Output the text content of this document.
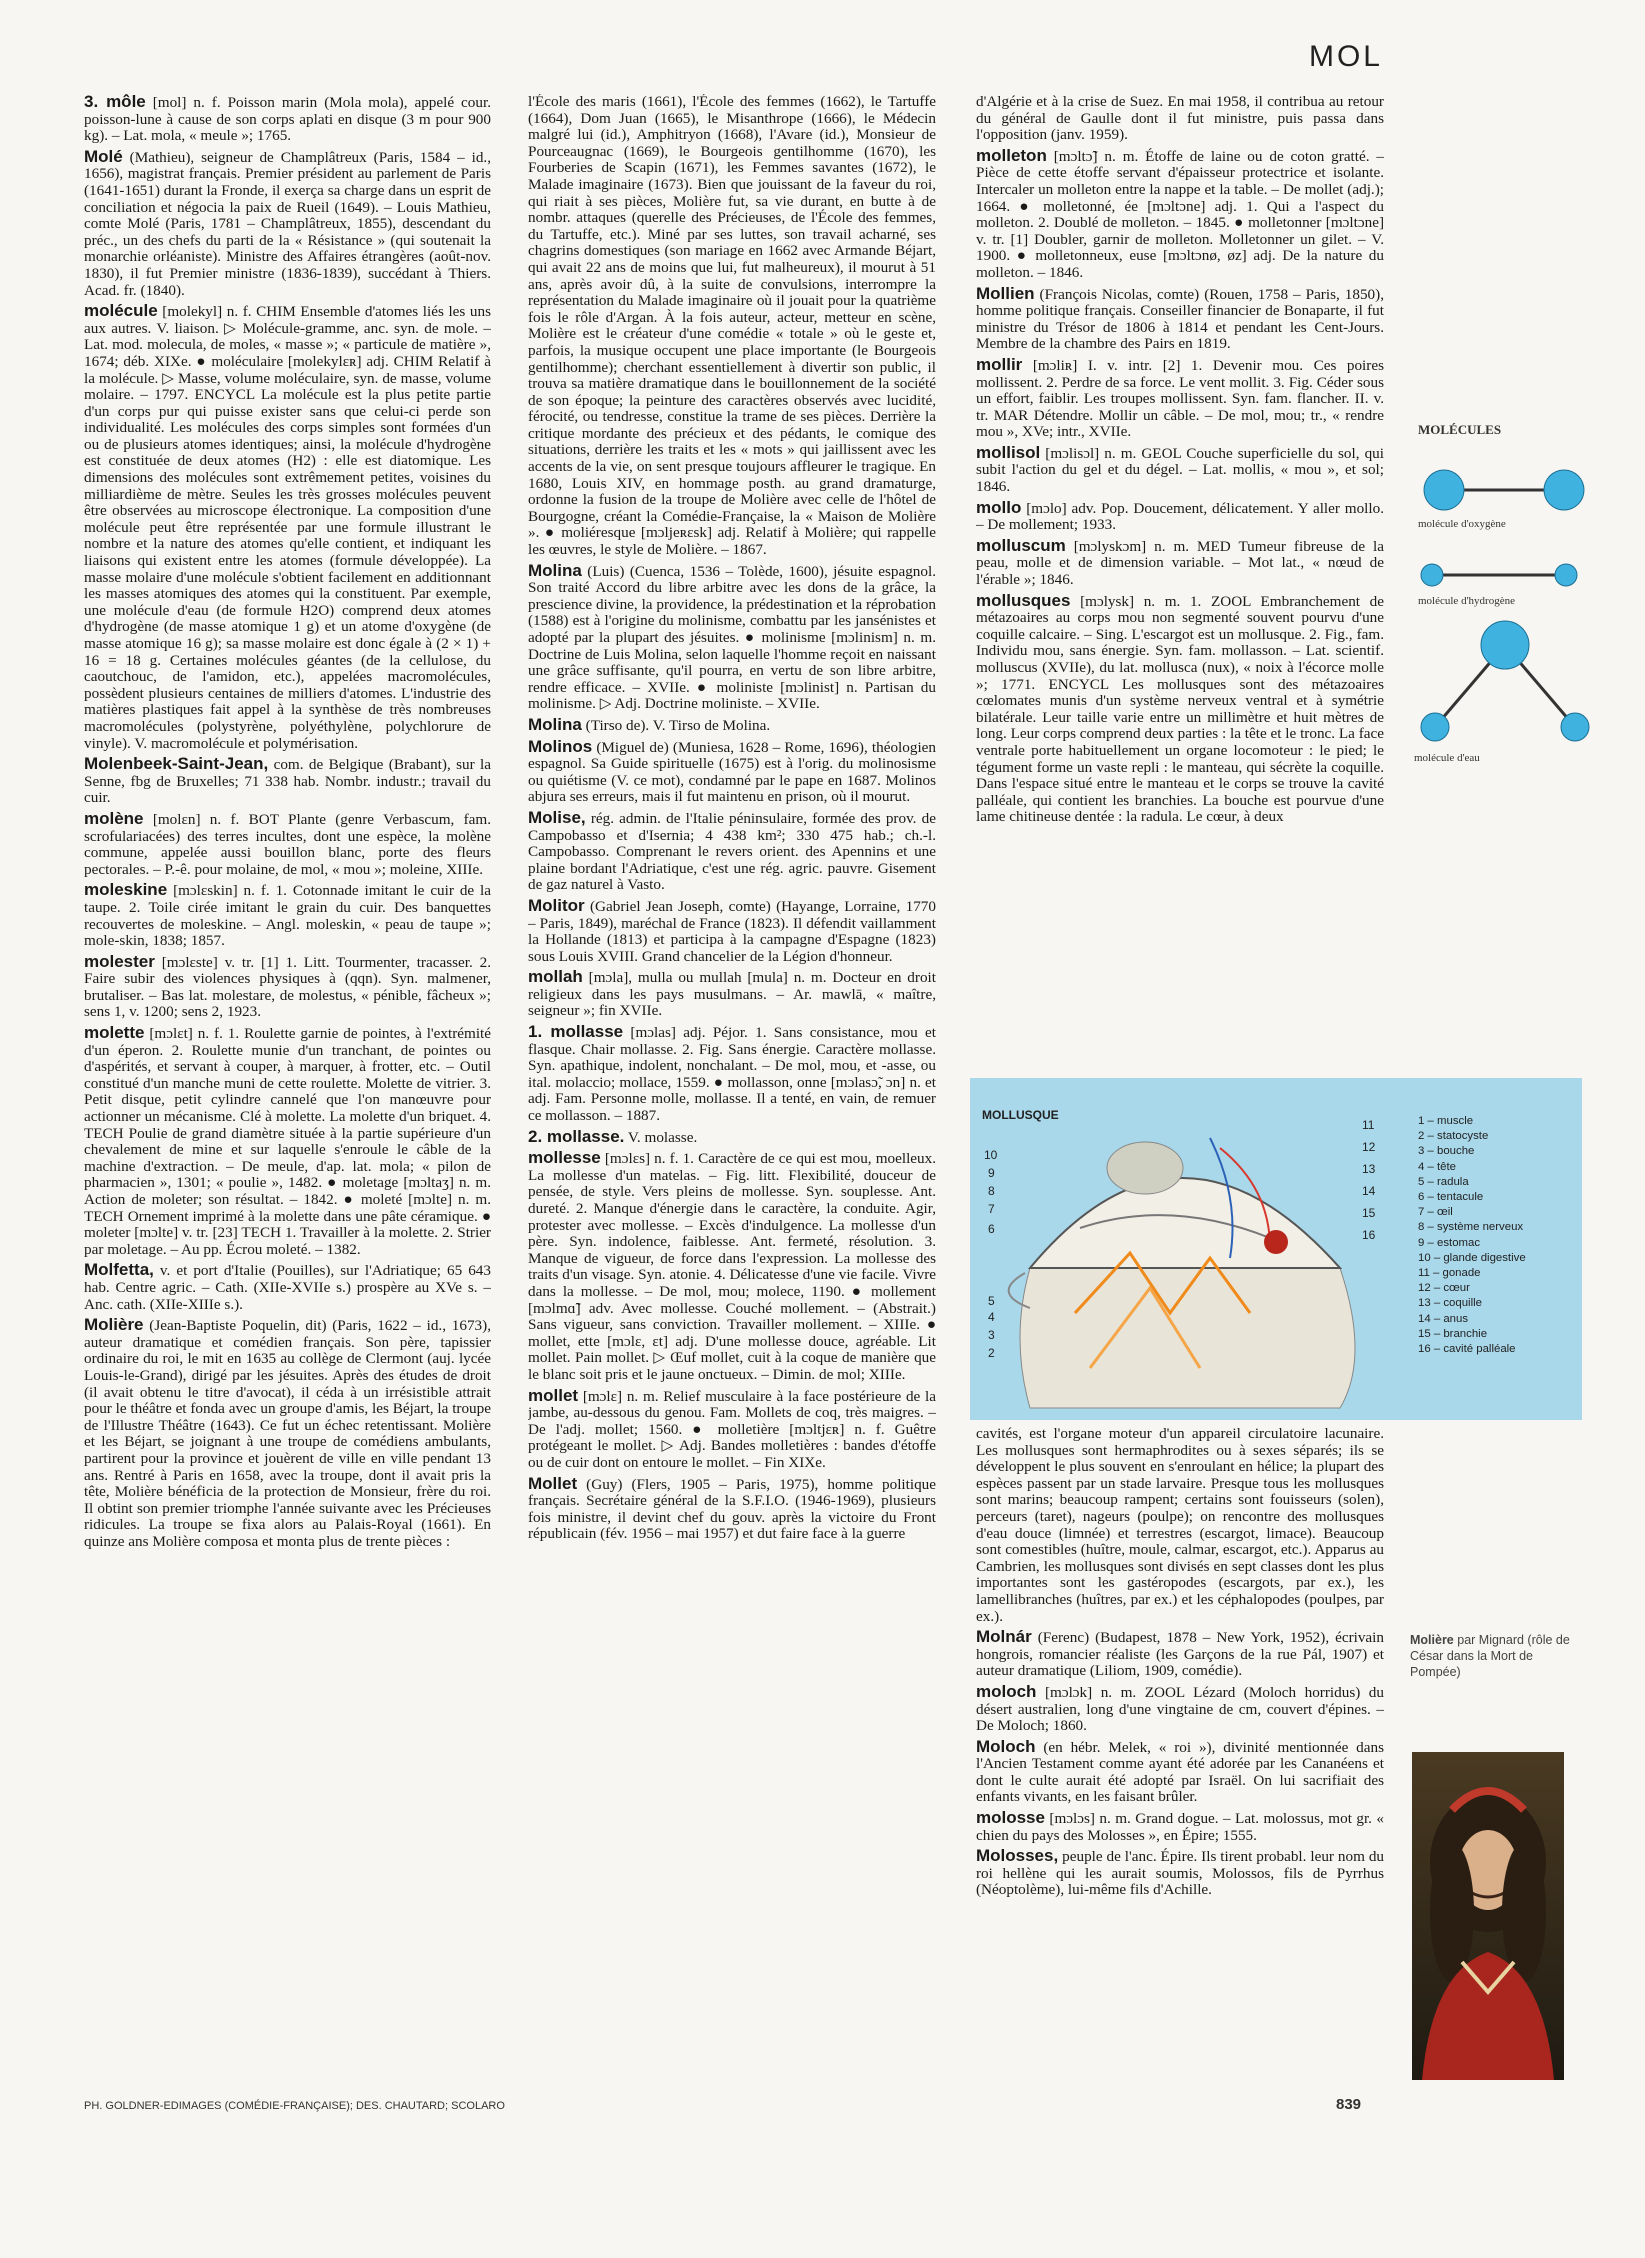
MOL
3. môle [mol] n. f. Poisson marin (Mola mola), appelé cour. poisson-lune à cause de son corps aplati en disque (3 m pour 900 kg). – Lat. mola, « meule »; 1765.
Molé (Mathieu), seigneur de Champlâtreux (Paris, 1584 – id., 1656), magistrat français. Premier président au parlement de Paris (1641-1651) durant la Fronde, il exerça sa charge dans un esprit de conciliation et négocia la paix de Rueil (1649). – Louis Mathieu, comte Molé (Paris, 1781 – Champlâtreux, 1855), descendant du préc., un des chefs du parti de la « Résistance » (qui soutenait la monarchie orléaniste). Ministre des Affaires étrangères (août-nov. 1830), il fut Premier ministre (1836-1839), succédant à Thiers. Acad. fr. (1840).
molécule [molekyl] n. f. CHIM Ensemble d'atomes liés les uns aux autres. V. liaison. ▷ Molécule-gramme, anc. syn. de mole. – Lat. mod. molecula, de moles, « masse »; « particule de matière », 1674; déb. XIXe. ● moléculaire [molekylɛʀ] adj. CHIM Relatif à la molécule. ▷ Masse, volume moléculaire, syn. de masse, volume molaire. – 1797. ENCYCL La molécule est la plus petite partie d'un corps pur qui puisse exister sans que celui-ci perde son individualité. Les molécules des corps simples sont formées d'un ou de plusieurs atomes identiques; ainsi, la molécule d'hydrogène est constituée de deux atomes (H2) : elle est diatomique. Les dimensions des molécules sont extrêmement petites, voisines du milliardième de mètre. Seules les très grosses molécules peuvent être observées au microscope électronique. La composition d'une molécule peut être représentée par une formule illustrant le nombre et la nature des atomes qu'elle contient, et indiquant les liaisons qui existent entre les atomes (formule développée). La masse molaire d'une molécule s'obtient facilement en additionnant les masses atomiques des atomes qui la constituent. Par exemple, une molécule d'eau (de formule H2O) comprend deux atomes d'hydrogène (de masse atomique 1 g) et un atome d'oxygène (de masse atomique 16 g); sa masse molaire est donc égale à (2 × 1) + 16 = 18 g. Certaines molécules géantes (de la cellulose, du caoutchouc, de l'amidon, etc.), appelées macromolécules, possèdent plusieurs centaines de milliers d'atomes. L'industrie des matières plastiques fait appel à la synthèse de très nombreuses macromolécules (polystyrène, polyéthylène, polychlorure de vinyle). V. macromolécule et polymérisation.
Molenbeek-Saint-Jean, com. de Belgique (Brabant), sur la Senne, fbg de Bruxelles; 71 338 hab. Nombr. industr.; travail du cuir.
molène [molɛn] n. f. BOT Plante (genre Verbascum, fam. scrofulariacées) des terres incultes, dont une espèce, la molène commune, appelée aussi bouillon blanc, porte des fleurs pectorales. – P.-ê. pour molaine, de mol, « mou »; moleine, XIIIe.
moleskine [mɔlɛskin] n. f. 1. Cotonnade imitant le cuir de la taupe. 2. Toile cirée imitant le grain du cuir. Des banquettes recouvertes de moleskine. – Angl. moleskin, « peau de taupe »; mole-skin, 1838; 1857.
molester [mɔlɛste] v. tr. [1] 1. Litt. Tourmenter, tracasser. 2. Faire subir des violences physiques à (qqn). Syn. malmener, brutaliser. – Bas lat. molestare, de molestus, « pénible, fâcheux »; sens 1, v. 1200; sens 2, 1923.
molette [mɔlɛt] n. f. 1. Roulette garnie de pointes, à l'extrémité d'un éperon. 2. Roulette munie d'un tranchant, de pointes ou d'aspérités, et servant à couper, à marquer, à frotter, etc. – Outil constitué d'un manche muni de cette roulette. Molette de vitrier. 3. Petit disque, petit cylindre cannelé que l'on manœuvre pour actionner un mécanisme. Clé à molette. La molette d'un briquet. 4. TECH Poulie de grand diamètre située à la partie supérieure d'un chevalement de mine et sur laquelle s'enroule le câble de la machine d'extraction. – De meule, d'ap. lat. mola; « pilon de pharmacien », 1301; « poulie », 1482. ● moletage [mɔltaʒ] n. m. Action de moleter; son résultat. – 1842. ● moleté [mɔlte] n. m. TECH Ornement imprimé à la molette dans une pâte céramique. ● moleter [mɔlte] v. tr. [23] TECH 1. Travailler à la molette. 2. Strier par moletage. – Au pp. Écrou moleté. – 1382.
Molfetta, v. et port d'Italie (Pouilles), sur l'Adriatique; 65 643 hab. Centre agric. – Cath. (XIIe-XVIIe s.) prospère au XVe s. – Anc. cath. (XIIe-XIIIe s.).
Molière (Jean-Baptiste Poquelin, dit) (Paris, 1622 – id., 1673), auteur dramatique et comédien français. Son père, tapissier ordinaire du roi, le mit en 1635 au collège de Clermont (auj. lycée Louis-le-Grand), dirigé par les jésuites. Après des études de droit (il avait obtenu le titre d'avocat), il céda à un irrésistible attrait pour le théâtre et fonda avec un groupe d'amis, les Béjart, la troupe de l'Illustre Théâtre (1643). Ce fut un échec retentissant. Molière et les Béjart, se joignant à une troupe de comédiens ambulants, partirent pour la province et jouèrent de ville en ville pendant 13 ans. Rentré à Paris en 1658, avec la troupe, dont il avait pris la tête, Molière bénéficia de la protection de Monsieur, frère du roi. Il obtint son premier triomphe l'année suivante avec les Précieuses ridicules. La troupe se fixa alors au Palais-Royal (1661). En quinze ans Molière composa et monta plus de trente pièces :
l'École des maris (1661), l'École des femmes (1662), le Tartuffe (1664), Dom Juan (1665), le Misanthrope (1666), le Médecin malgré lui (id.), Amphitryon (1668), l'Avare (id.), Monsieur de Pourceaugnac (1669), le Bourgeois gentilhomme (1670), les Fourberies de Scapin (1671), les Femmes savantes (1672), le Malade imaginaire (1673). Bien que jouissant de la faveur du roi, qui riait à ses pièces, Molière fut, sa vie durant, en butte à de nombr. attaques (querelle des Précieuses, de l'École des femmes, du Tartuffe, etc.). Miné par ses luttes, son travail acharné, ses chagrins domestiques (son mariage en 1662 avec Armande Béjart, qui avait 22 ans de moins que lui, fut malheureux), il mourut à 51 ans, après avoir dû, à la suite de convulsions, interrompre la représentation du Malade imaginaire où il jouait pour la quatrième fois le rôle d'Argan. À la fois auteur, acteur, metteur en scène, Molière est le créateur d'une comédie « totale » où le geste et, parfois, la musique occupent une place importante (le Bourgeois gentilhomme); cherchant essentiellement à divertir son public, il trouva sa matière dramatique dans le bouillonnement de la société de son époque; la peinture des caractères observés avec lucidité, férocité, ou tendresse, constitue la trame de ses pièces. Derrière la critique mordante des précieux et des pédants, le comique des situations, derrière les traits et les « mots » qui jaillissent avec les accents de la vie, on sent presque toujours affleurer le tragique. En 1680, Louis XIV, en hommage posth. au grand dramaturge, ordonne la fusion de la troupe de Molière avec celle de l'hôtel de Bourgogne, créant la Comédie-Française, la « Maison de Molière ». ● moliéresque [mɔljeʀɛsk] adj. Relatif à Molière; qui rappelle les œuvres, le style de Molière. – 1867.
Molina (Luis) (Cuenca, 1536 – Tolède, 1600), jésuite espagnol. Son traité Accord du libre arbitre avec les dons de la grâce, la prescience divine, la providence, la prédestination et la réprobation (1588) est à l'origine du molinisme, combattu par les jansénistes et adopté par la plupart des jésuites. ● molinisme [mɔlinism] n. m. Doctrine de Luis Molina, selon laquelle l'homme reçoit en naissant une grâce suffisante, qu'il pourra, en vertu de son libre arbitre, rendre efficace. – XVIIe. ● moliniste [mɔlinist] n. Partisan du molinisme. ▷ Adj. Doctrine moliniste. – XVIIe.
Molina (Tirso de). V. Tirso de Molina.
Molinos (Miguel de) (Muniesa, 1628 – Rome, 1696), théologien espagnol. Sa Guide spirituelle (1675) est à l'orig. du molinosisme ou quiétisme (V. ce mot), condamné par le pape en 1687. Molinos abjura ses erreurs, mais il fut maintenu en prison, où il mourut.
Molise, rég. admin. de l'Italie péninsulaire, formée des prov. de Campobasso et d'Isernia; 4 438 km²; 330 475 hab.; ch.-l. Campobasso. Comprenant le revers orient. des Apennins et une plaine bordant l'Adriatique, c'est une rég. agric. pauvre. Gisement de gaz naturel à Vasto.
Molitor (Gabriel Jean Joseph, comte) (Hayange, Lorraine, 1770 – Paris, 1849), maréchal de France (1823). Il défendit vaillamment la Hollande (1813) et participa à la campagne d'Espagne (1823) sous Louis XVIII. Grand chancelier de la Légion d'honneur.
mollah [mɔla], mulla ou mullah [mula] n. m. Docteur en droit religieux dans les pays musulmans. – Ar. mawlā, « maître, seigneur »; fin XVIIe.
1. mollasse [mɔlas] adj. Péjor. 1. Sans consistance, mou et flasque. Chair mollasse. 2. Fig. Sans énergie. Caractère mollasse. Syn. apathique, indolent, nonchalant. – De mol, mou, et -asse, ou ital. molaccio; mollace, 1559. ● mollasson, onne [mɔlasɔ̃, ɔn] n. et adj. Fam. Personne molle, mollasse. Il a tenté, en vain, de remuer ce mollasson. – 1887.
2. mollasse. V. molasse.
mollesse [mɔlɛs] n. f. 1. Caractère de ce qui est mou, moelleux. La mollesse d'un matelas. – Fig. litt. Flexibilité, douceur de pensée, de style. Vers pleins de mollesse. Syn. souplesse. Ant. dureté. 2. Manque d'énergie dans le caractère, la conduite. Agir, protester avec mollesse. – Excès d'indulgence. La mollesse d'un père. Syn. indolence, faiblesse. Ant. fermeté, résolution. 3. Manque de vigueur, de force dans l'expression. La mollesse des traits d'un visage. Syn. atonie. 4. Délicatesse d'une vie facile. Vivre dans la mollesse. – De mol, mou; molece, 1190. ● mollement [mɔlmɑ̃] adv. Avec mollesse. Couché mollement. – (Abstrait.) Sans vigueur, sans conviction. Travailler mollement. – XIIIe. ● mollet, ette [mɔlɛ, ɛt] adj. D'une mollesse douce, agréable. Lit mollet. Pain mollet. ▷ Œuf mollet, cuit à la coque de manière que le blanc soit pris et le jaune onctueux. – Dimin. de mol; XIIIe.
mollet [mɔlɛ] n. m. Relief musculaire à la face postérieure de la jambe, au-dessous du genou. Fam. Mollets de coq, très maigres. – De l'adj. mollet; 1560. ● molletière [mɔltjɛʀ] n. f. Guêtre protégeant le mollet. ▷ Adj. Bandes molletières : bandes d'étoffe ou de cuir dont on entoure le mollet. – Fin XIXe.
Mollet (Guy) (Flers, 1905 – Paris, 1975), homme politique français. Secrétaire général de la S.F.I.O. (1946-1969), plusieurs fois ministre, il devint chef du gouv. après la victoire du Front républicain (fév. 1956 – mai 1957) et dut faire face à la guerre
d'Algérie et à la crise de Suez. En mai 1958, il contribua au retour du général de Gaulle dont il fut ministre, puis passa dans l'opposition (janv. 1959).
molleton [mɔltɔ̃] n. m. Étoffe de laine ou de coton gratté. – Pièce de cette étoffe servant d'épaisseur protectrice et isolante. Intercaler un molleton entre la nappe et la table. – De mollet (adj.); 1664. ● molletonné, ée [mɔltɔne] adj. 1. Qui a l'aspect du molleton. 2. Doublé de molleton. – 1845. ● molletonner [mɔltɔne] v. tr. [1] Doubler, garnir de molleton. Molletonner un gilet. – V. 1900. ● molletonneux, euse [mɔltɔnø, øz] adj. De la nature du molleton. – 1846.
Mollien (François Nicolas, comte) (Rouen, 1758 – Paris, 1850), homme politique français. Conseiller financier de Bonaparte, il fut ministre du Trésor de 1806 à 1814 et pendant les Cent-Jours. Membre de la chambre des Pairs en 1819.
mollir [mɔliʀ] I. v. intr. [2] 1. Devenir mou. Ces poires mollissent. 2. Perdre de sa force. Le vent mollit. 3. Fig. Céder sous un effort, faiblir. Les troupes mollissent. Syn. fam. flancher. II. v. tr. MAR Détendre. Mollir un câble. – De mol, mou; tr., « rendre mou », XVe; intr., XVIIe.
mollisol [mɔlisɔl] n. m. GEOL Couche superficielle du sol, qui subit l'action du gel et du dégel. – Lat. mollis, « mou », et sol; 1846.
mollo [mɔlo] adv. Pop. Doucement, délicatement. Y aller mollo. – De mollement; 1933.
molluscum [mɔlyskɔm] n. m. MED Tumeur fibreuse de la peau, molle et de dimension variable. – Mot lat., « nœud de l'érable »; 1846.
mollusques [mɔlysk] n. m. 1. ZOOL Embranchement de métazoaires au corps mou non segmenté souvent pourvu d'une coquille calcaire. – Sing. L'escargot est un mollusque. 2. Fig., fam. Individu mou, sans énergie. Syn. fam. mollasson. – Lat. scientif. molluscus (XVIIe), du lat. mollusca (nux), « noix à l'écorce molle »; 1771. ENCYCL Les mollusques sont des métazoaires cœlomates munis d'un système nerveux ventral et à symétrie bilatérale. Leur taille varie entre un millimètre et huit mètres de long. Leur corps comprend deux parties : la tête et le tronc. La face ventrale porte habituellement un organe locomoteur : le pied; le tégument forme un vaste repli : le manteau, qui sécrète la coquille. Dans l'espace situé entre le manteau et le corps se trouve la cavité palléale, qui contient les branchies. La bouche est pourvue d'une lame chitineuse dentée : la radula. Le cœur, à deux
cavités, est l'organe moteur d'un appareil circulatoire lacunaire. Les mollusques sont hermaphrodites ou à sexes séparés; ils se développent le plus souvent en s'enroulant en hélice; la plupart des espèces passent par un stade larvaire. Presque tous les mollusques sont marins; beaucoup rampent; certains sont fouisseurs (solen), perceurs (taret), nageurs (poulpe); on rencontre des mollusques d'eau douce (limnée) et terrestres (escargot, limace). Beaucoup sont comestibles (huître, moule, calmar, escargot, etc.). Apparus au Cambrien, les mollusques sont divisés en sept classes dont les plus importantes sont les gastéropodes (escargots, par ex.), les lamellibranches (huîtres, par ex.) et les céphalopodes (poulpes, par ex.).
Molnár (Ferenc) (Budapest, 1878 – New York, 1952), écrivain hongrois, romancier réaliste (les Garçons de la rue Pál, 1907) et auteur dramatique (Liliom, 1909, comédie).
moloch [mɔlɔk] n. m. ZOOL Lézard (Moloch horridus) du désert australien, long d'une vingtaine de cm, couvert d'épines. – De Moloch; 1860.
Moloch (en hébr. Melek, « roi »), divinité mentionnée dans l'Ancien Testament comme ayant été adorée par les Cananéens et dont le culte aurait été adopté par Israël. On lui sacrifiait des enfants vivants, en les faisant brûler.
molosse [mɔlɔs] n. m. Grand dogue. – Lat. molossus, mot gr. « chien du pays des Molosses », en Épire; 1555.
Molosses, peuple de l'anc. Épire. Ils tirent probabl. leur nom du roi hellène qui les aurait soumis, Molossos, fils de Pyrrhus (Néoptolème), lui-même fils d'Achille.
MOLÉCULES
molécule d'oxygène
molécule d'hydrogène
molécule d'eau
MOLLUSQUE
10
9
8
7
6
5
4
3
2
11
12
13
14
15
16
1 – muscle
2 – statocyste
3 – bouche
4 – tête
5 – radula
6 – tentacule
7 – œil
8 – système nerveux
9 – estomac
10 – glande digestive
11 – gonade
12 – cœur
13 – coquille
14 – anus
15 – branchie
16 – cavité palléale
Molière par Mignard (rôle de César dans la Mort de Pompée)
PH. GOLDNER-EDIMAGES (COMÉDIE-FRANÇAISE); DES. CHAUTARD; SCOLARO	839
